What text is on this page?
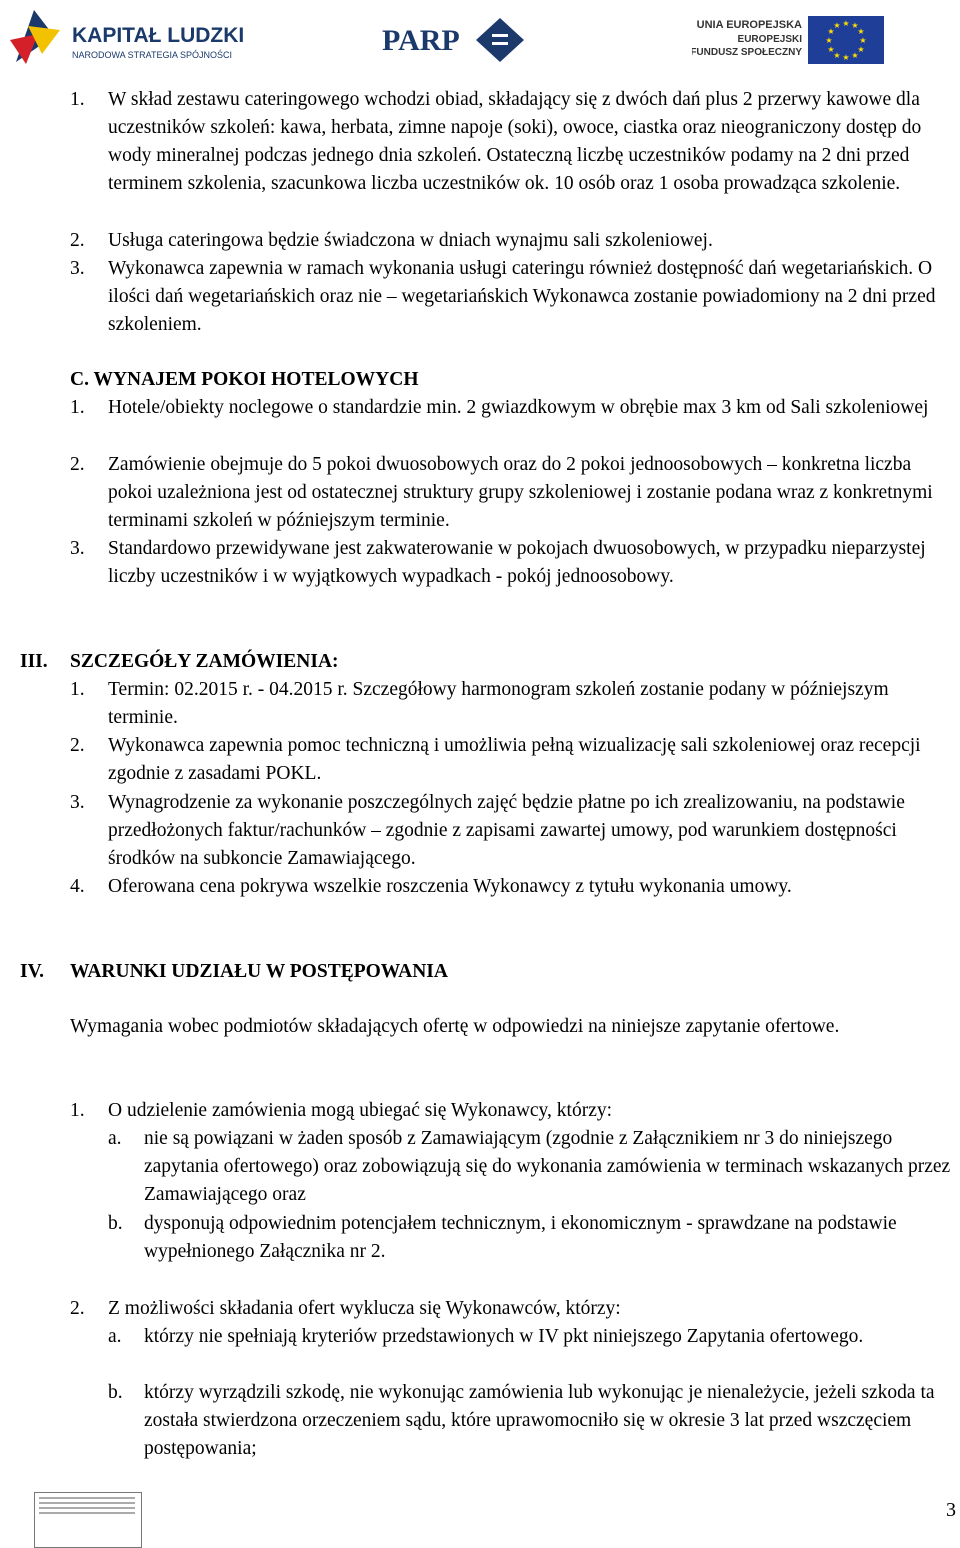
KAPITAŁ LUDZKI
NARODOWA STRATEGIA SPÓJNOŚCI	PARP	UNIA EUROPEJSKA
EUROPEJSKI
FUNDUSZ SPOŁECZNY
★ ★
★
★
★
★
★
★
★
★
★
★
1.	W skład zestawu cateringowego wchodzi obiad, składający się z dwóch dań plus 2 przerwy kawowe dla uczestników szkoleń: kawa, herbata, zimne napoje (soki), owoce, ciastka oraz nieograniczony dostęp do wody mineralnej podczas jednego dnia szkoleń. Ostateczną liczbę uczestników podamy na 2 dni przed terminem szkolenia, szacunkowa liczba uczestników ok. 10 osób oraz 1 osoba prowadząca szkolenie.
2.	Usługa cateringowa będzie świadczona w dniach wynajmu sali szkoleniowej.
3.	Wykonawca zapewnia w ramach wykonania usługi cateringu również dostępność dań wegetariańskich. O ilości dań wegetariańskich oraz nie – wegetariańskich Wykonawca zostanie powiadomiony na 2 dni przed szkoleniem.
C. WYNAJEM POKOI HOTELOWYCH
1.	Hotele/obiekty noclegowe o standardzie min. 2 gwiazdkowym w obrębie max 3 km od Sali szkoleniowej
2.	Zamówienie obejmuje do 5 pokoi dwuosobowych oraz do 2 pokoi jednoosobowych – konkretna liczba pokoi uzależniona jest od ostatecznej struktury grupy szkoleniowej i zostanie podana wraz z konkretnymi terminami szkoleń w późniejszym terminie.
3.	Standardowo przewidywane jest zakwaterowanie w pokojach dwuosobowych, w przypadku nieparzystej liczby uczestników i w wyjątkowych wypadkach - pokój jednoosobowy.
III. SZCZEGÓŁY ZAMÓWIENIA:
1.	Termin: 02.2015 r. - 04.2015 r. Szczegółowy harmonogram szkoleń zostanie podany w późniejszym terminie.
2.	Wykonawca zapewnia pomoc techniczną i umożliwia pełną wizualizację sali szkoleniowej oraz recepcji zgodnie z zasadami POKL.
3.	Wynagrodzenie za wykonanie poszczególnych zajęć będzie płatne po ich zrealizowaniu, na podstawie przedłożonych faktur/rachunków – zgodnie z zapisami zawartej umowy, pod warunkiem dostępności środków na subkoncie Zamawiającego.
4.	Oferowana cena pokrywa wszelkie roszczenia Wykonawcy z tytułu wykonania umowy.
IV. WARUNKI UDZIAŁU W POSTĘPOWANIA
Wymagania wobec podmiotów składających ofertę w odpowiedzi na niniejsze zapytanie ofertowe.
1.	O udzielenie zamówienia mogą ubiegać się Wykonawcy, którzy:
a.	nie są powiązani w żaden sposób z Zamawiającym (zgodnie z Załącznikiem nr 3 do niniejszego zapytania ofertowego) oraz zobowiązują się do wykonania zamówienia w terminach wskazanych przez Zamawiającego oraz
b.	dysponują odpowiednim potencjałem technicznym, i ekonomicznym - sprawdzane na podstawie wypełnionego Załącznika nr 2.
2.	Z możliwości składania ofert wyklucza się Wykonawców, którzy:
a.	którzy nie spełniają kryteriów przedstawionych w IV pkt niniejszego Zapytania ofertowego.
b.	którzy wyrządzili szkodę, nie wykonując zamówienia lub wykonując je nienależycie, jeżeli szkoda ta została stwierdzona orzeczeniem sądu, które uprawomocniło się w okresie 3 lat przed wszczęciem postępowania;
3
